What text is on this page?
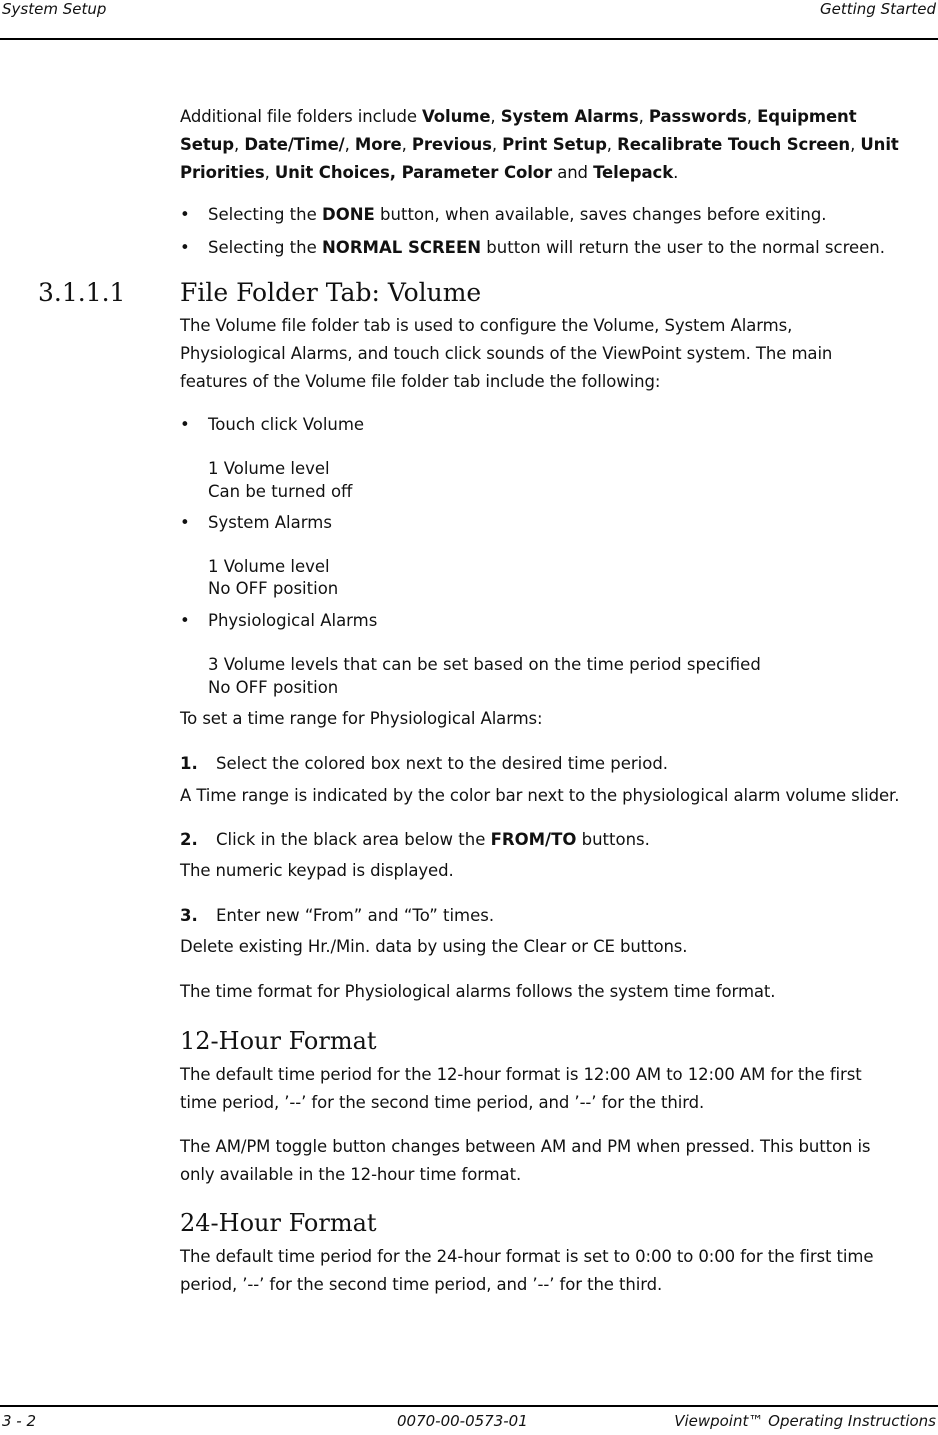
System Setup	Getting Started
Additional file folders include Volume, System Alarms, Passwords, Equipment Setup, Date/Time/, More, Previous, Print Setup, Recalibrate Touch Screen, Unit Priorities, Unit Choices, Parameter Color and Telepack.
• Selecting the DONE button, when available, saves changes before exiting.
• Selecting the NORMAL SCREEN button will return the user to the normal screen.
3.1.1.1 File Folder Tab: Volume
The Volume file folder tab is used to configure the Volume, System Alarms, Physiological Alarms, and touch click sounds of the ViewPoint system. The main features of the Volume file folder tab include the following:
• Touch click Volume
1 Volume level
Can be turned off
• System Alarms
1 Volume level
No OFF position
• Physiological Alarms
3 Volume levels that can be set based on the time period specified
No OFF position
To set a time range for Physiological Alarms:
1. Select the colored box next to the desired time period.
A Time range is indicated by the color bar next to the physiological alarm volume slider.
2. Click in the black area below the FROM/TO buttons.
The numeric keypad is displayed.
3. Enter new “From” and “To” times.
Delete existing Hr./Min. data by using the Clear or CE buttons.
The time format for Physiological alarms follows the system time format.
12-Hour Format
The default time period for the 12-hour format is 12:00 AM to 12:00 AM for the first time period, ’--’ for the second time period, and ’--’ for the third.
The AM/PM toggle button changes between AM and PM when pressed. This button is only available in the 12-hour time format.
24-Hour Format
The default time period for the 24-hour format is set to 0:00 to 0:00 for the first time period, ’--’ for the second time period, and ’--’ for the third.
3 - 2	0070-00-0573-01	Viewpoint™ Operating Instructions
